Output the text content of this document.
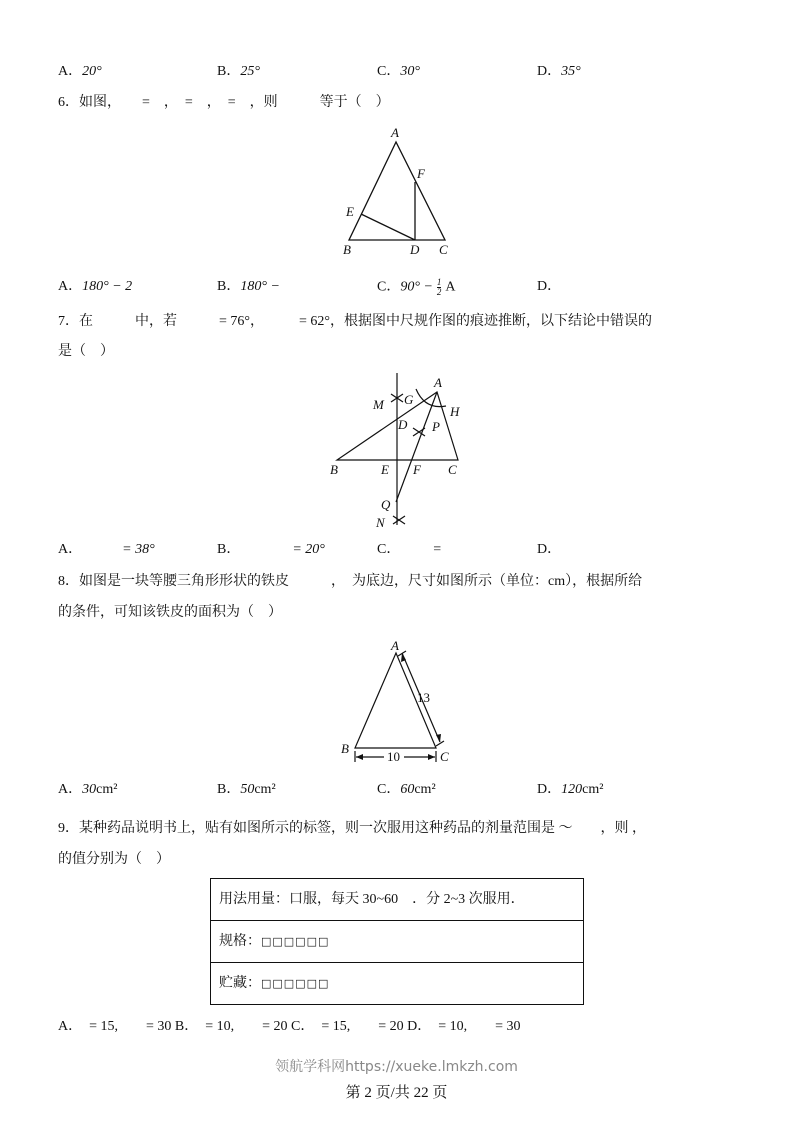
A．20°	B．25°	C．30°	D．35°
6．如图，　　=　，　=　，　=　，则　　　等于（　）
A
F
E
B	D C
A
M G
H
D P
B	E F C
Q
N
A
B
C
13
10
A．180° − 2	B．180° −	C．$90^\circ - \frac{1}{2}$ A	D．
7．在　　　中，若　　　= 76°，　　　= 62°，根据图中尺规作图的痕迹推断，以下结论中错误的
是（　）
A．	= 38°	B．	= 20°	C． =	D．
8．如图是一块等腰三角形形状的铁皮　　　，　为底边，尺寸如图所示（单位：cm），根据所给
的条件，可知该铁皮的面积为（　）
A．30cm²	B．50cm²	C．60cm²	D．120cm²
9．某种药品说明书上，贴有如图所示的标签，则一次服用这种药品的剂量范围是 ～　　，则 ，
的值分别为（　）
用法用量：口服，每天 30~60　．分 2~3 次服用．
规格：□□□□□□
贮藏：□□□□□□
A．　= 15,　　= 30 B．　= 10,　　= 20 C．　= 15,　　= 20 D．　= 10,　　= 30
领航学科网https://xueke.lmkzh.com
第 2 页/共 22 页
